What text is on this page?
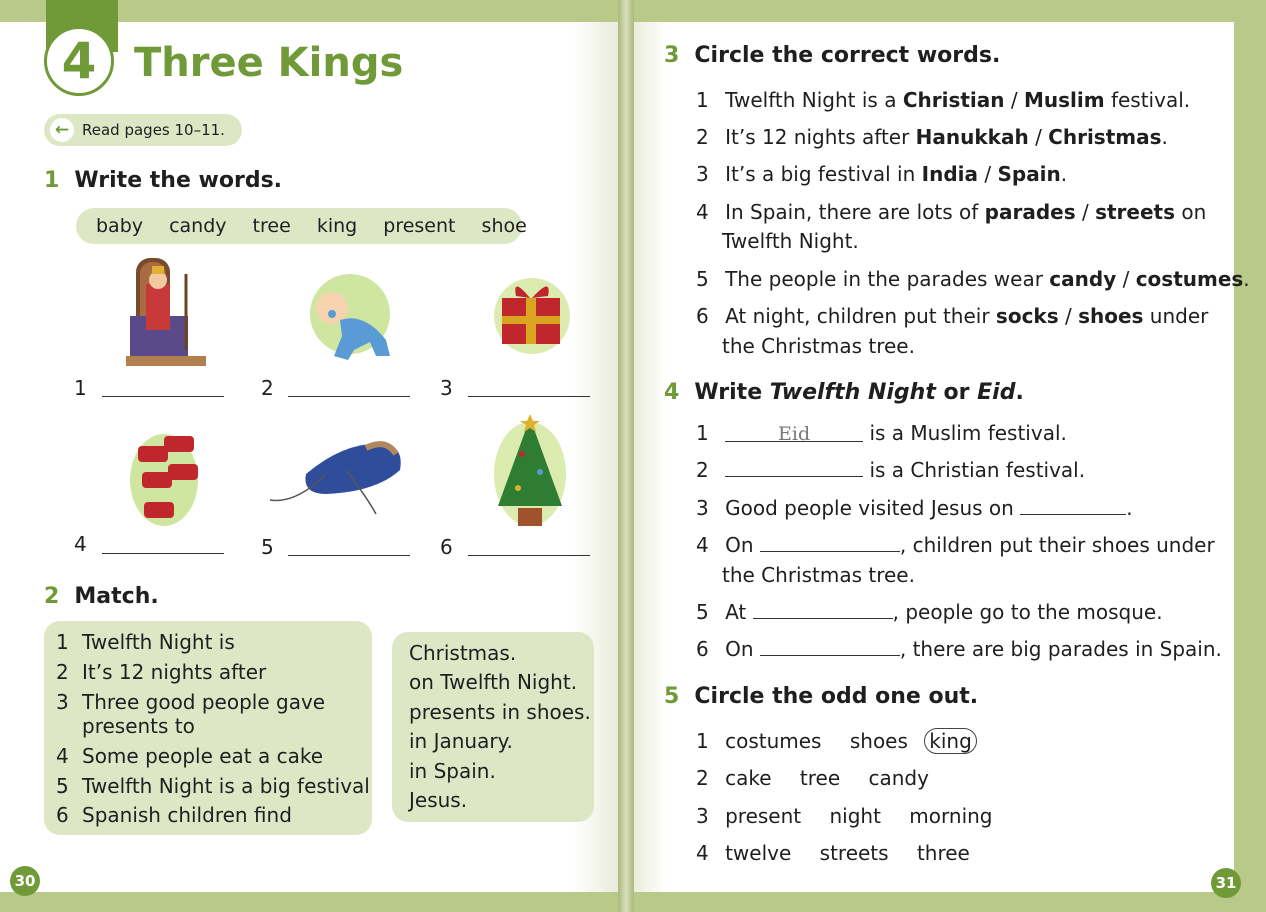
4 Three Kings
← Read pages 10–11.
1 Write the words.
baby candy tree king present shoe
1	2	3
4	5	6
2 Match.
1 Twelfth Night is
2 It’s 12 nights after
3 Three good people gave
presents to
4 Some people eat a cake
5 Twelfth Night is a big festival
6 Spanish children find
Christmas.
on Twelfth Night.
presents in shoes.
in January.
in Spain.
Jesus.
30
3 Circle the correct words.
1 Twelfth Night is a Christian / Muslim festival.
2 It’s 12 nights after Hanukkah / Christmas.
3 It’s a big festival in India / Spain.
4 In Spain, there are lots of parades / streets on
Twelfth Night.
5 The people in the parades wear candy / costumes.
6 At night, children put their socks / shoes under
the Christmas tree.
4 Write Twelfth Night or Eid.
1	Eid	is a Muslim festival.
2	is a Christian festival.
3 Good people visited Jesus on	.
4 On	, children put their shoes under
the Christmas tree.
5 At	, people go to the mosque.
6 On	, there are big parades in Spain.
5 Circle the odd one out.
1 costumes shoes king
2 cake tree candy
3 present night morning
4 twelve streets three
31
